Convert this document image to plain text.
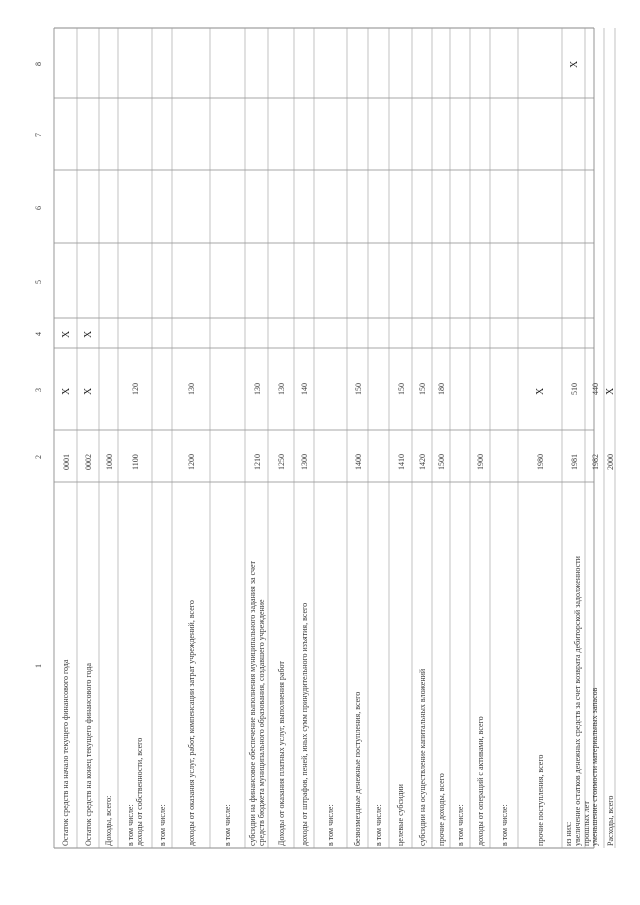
8
7
6
5
4
3
2
1 Остаток средств на начало текущего финансового года
0001
X
X
Остаток средств на конец текущего финансового года
0002
X
X
Доходы, всего:
1000
в том числе: доходы от собственности, всего
1100
120
в том числе:	доходы от оказания услуг, работ, компенсации затрат учреждений, всего
1200
130
в том числе: субсидии на финансовое обеспечение выполнения муниципального задания за счет средств бюджета муниципального образования, создавшего учреждение
1210
130
Доходы от оказания платных услуг, выполнения работ
1250
130
доходы от штрафов, пеней, иных сумм принудительного изъятия, всего
1300
140
в том числе: безвозмездные денежные поступления, всего
1400
150
в том числе: целевые субсидии
1410
150
субсидии на осуществление капитальных вложений
1420
150
прочие доходы, всего
1500
180
в том числе: доходы от операций с активами, всего
1900
в том числе:	прочие поступления, всего
1980
X
из них: увеличение остатков денежных средств за счет возврата дебиторской задолженности прошлых лет
1981
510
X
уменьшение стоимости материальных запасов
1982
440
Расходы, всего
2000
X
